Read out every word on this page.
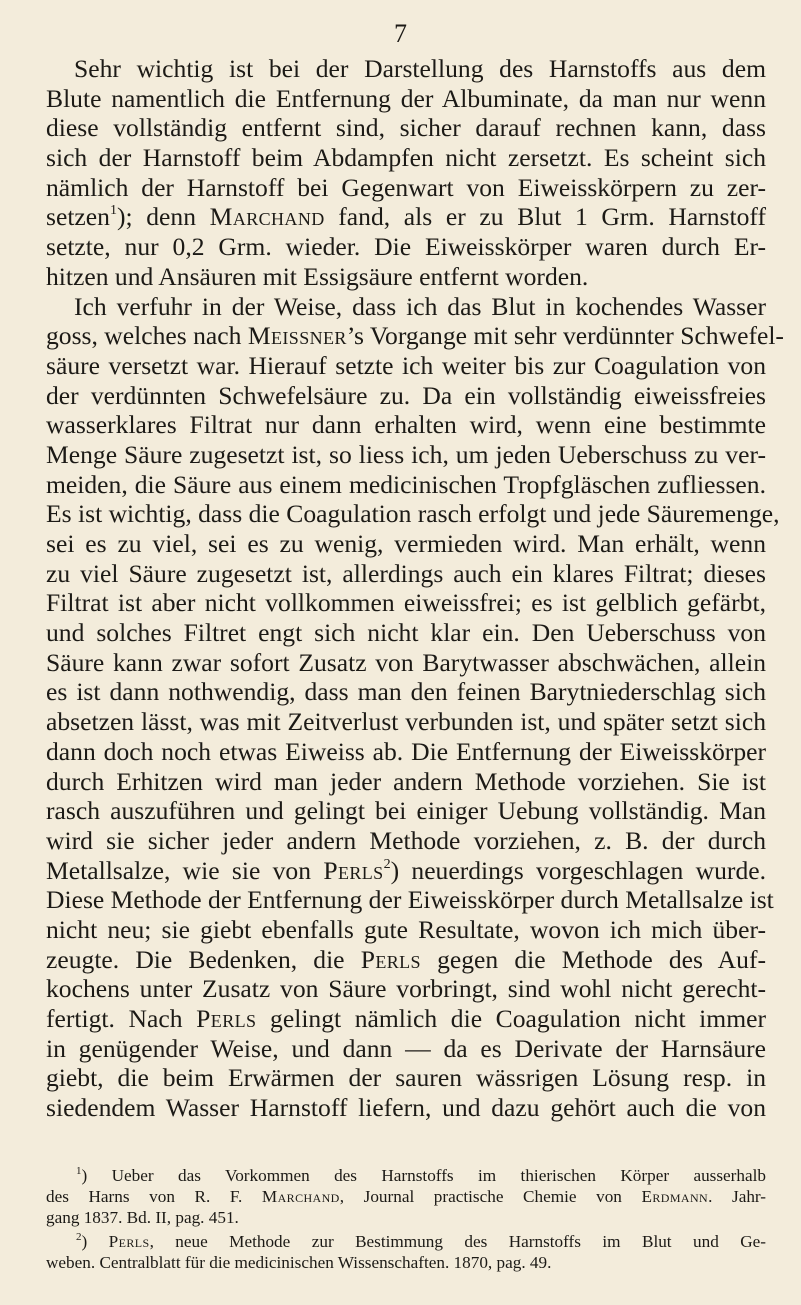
7
Sehr wichtig ist bei der Darstellung des Harnstoffs aus dem
Blute namentlich die Entfernung der Albuminate, da man nur wenn
diese vollständig entfernt sind, sicher darauf rechnen kann, dass
sich der Harnstoff beim Abdampfen nicht zersetzt. Es scheint sich
nämlich der Harnstoff bei Gegenwart von Eiweisskörpern zu zer-
setzen$^1$); denn Marchand fand, als er zu Blut 1 Grm. Harnstoff
setzte, nur 0,2 Grm. wieder. Die Eiweisskörper waren durch Er-
hitzen und Ansäuren mit Essigsäure entfernt worden.
Ich verfuhr in der Weise, dass ich das Blut in kochendes Wasser
goss, welches nach Meissner’s Vorgange mit sehr verdünnter Schwefel-
säure versetzt war. Hierauf setzte ich weiter bis zur Coagulation von
der verdünnten Schwefelsäure zu. Da ein vollständig eiweissfreies
wasserklares Filtrat nur dann erhalten wird, wenn eine bestimmte
Menge Säure zugesetzt ist, so liess ich, um jeden Ueberschuss zu ver-
meiden, die Säure aus einem medicinischen Tropfgläschen zufliessen.
Es ist wichtig, dass die Coagulation rasch erfolgt und jede Säuremenge,
sei es zu viel, sei es zu wenig, vermieden wird. Man erhält, wenn
zu viel Säure zugesetzt ist, allerdings auch ein klares Filtrat; dieses
Filtrat ist aber nicht vollkommen eiweissfrei; es ist gelblich gefärbt,
und solches Filtret engt sich nicht klar ein. Den Ueberschuss von
Säure kann zwar sofort Zusatz von Barytwasser abschwächen, allein
es ist dann nothwendig, dass man den feinen Barytniederschlag sich
absetzen lässt, was mit Zeitverlust verbunden ist, und später setzt sich
dann doch noch etwas Eiweiss ab. Die Entfernung der Eiweisskörper
durch Erhitzen wird man jeder andern Methode vorziehen. Sie ist
rasch auszuführen und gelingt bei einiger Uebung vollständig. Man
wird sie sicher jeder andern Methode vorziehen, z. B. der durch
Metallsalze, wie sie von Perls$^2$) neuerdings vorgeschlagen wurde.
Diese Methode der Entfernung der Eiweisskörper durch Metallsalze ist
nicht neu; sie giebt ebenfalls gute Resultate, wovon ich mich über-
zeugte. Die Bedenken, die Perls gegen die Methode des Auf-
kochens unter Zusatz von Säure vorbringt, sind wohl nicht gerecht-
fertigt. Nach Perls gelingt nämlich die Coagulation nicht immer
in genügender Weise, und dann — da es Derivate der Harnsäure
giebt, die beim Erwärmen der sauren wässrigen Lösung resp. in
siedendem Wasser Harnstoff liefern, und dazu gehört auch die von
$^1$) Ueber das Vorkommen des Harnstoffs im thierischen Körper ausserhalb
des Harns von R. F. Marchand, Journal practische Chemie von Erdmann. Jahr-
gang 1837. Bd. II, pag. 451.
$^2$) Perls, neue Methode zur Bestimmung des Harnstoffs im Blut und Ge-
weben. Centralblatt für die medicinischen Wissenschaften. 1870, pag. 49.
